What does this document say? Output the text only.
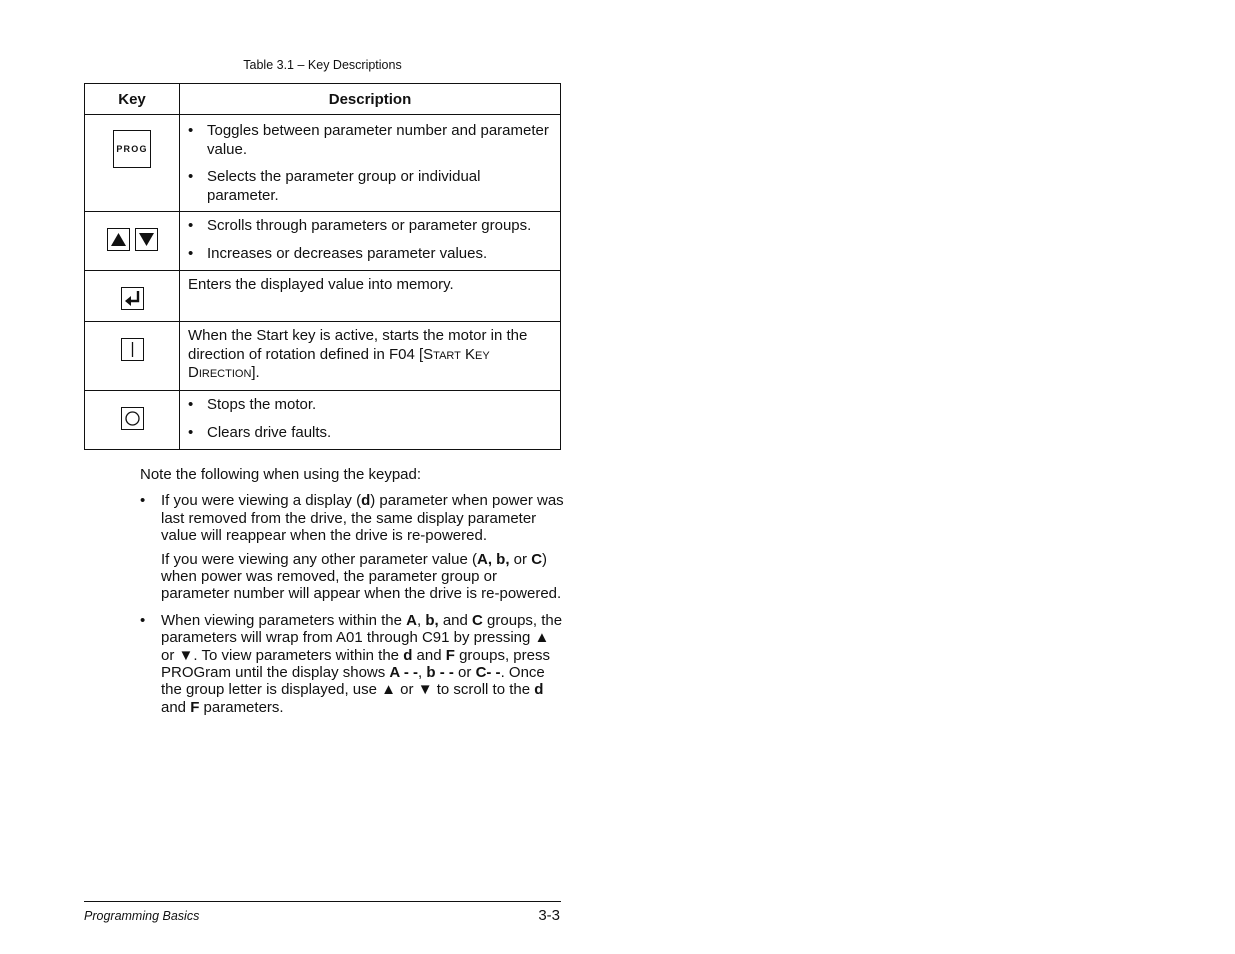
Table 3.1 – Key Descriptions
Key	Description
PROG	• Toggles between parameter number and parameter value.
• Selects the parameter group or individual parameter.

• Scrolls through parameters or parameter groups.
• Increases or decreases parameter values.

	Enters the displayed value into memory.

	When the Start key is active, starts the motor in the direction of rotation defined in F04 [Start Key Direction].

• Stops the motor.
• Clears drive faults.

Note the following when using the keypad:

• If you were viewing a display (d) parameter when power was last removed from the drive, the same display parameter value will reappear when the drive is re-powered.

If you were viewing any other parameter value (A, b, or C) when power was removed, the parameter group or parameter number will appear when the drive is re-powered.

• When viewing parameters within the A, b, and C groups, the parameters will wrap from A01 through C91 by pressing ▲ or ▼. To view parameters within the d and F groups, press PROGram until the display shows A - -, b - - or C- -. Once the group letter is displayed, use ▲ or ▼ to scroll to the d and F parameters.

Programming Basics	3-3
